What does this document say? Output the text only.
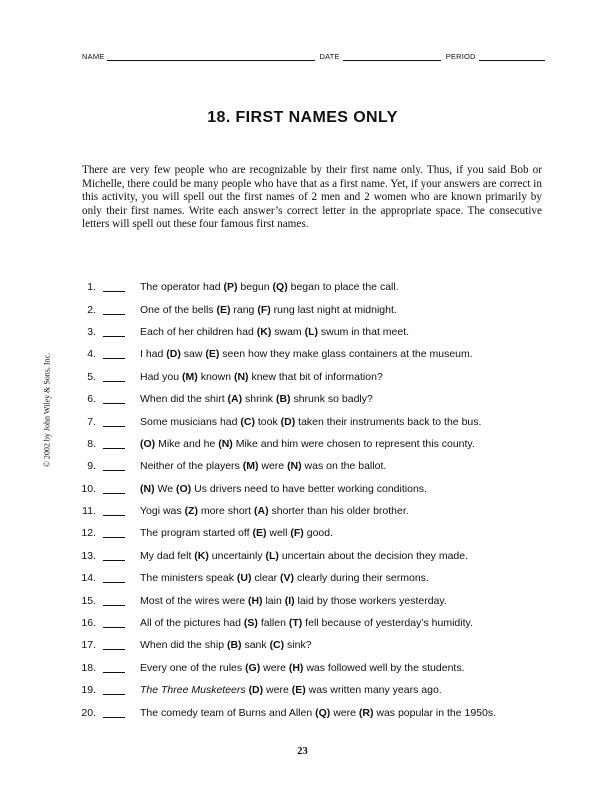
NAME	DATE	PERIOD
18. FIRST NAMES ONLY
There are very few people who are recognizable by their first name only. Thus, if you said Bob or Michelle, there could be many people who have that as a first name. Yet, if your answers are correct in this activity, you will spell out the first names of 2 men and 2 women who are known primarily by only their first names. Write each answer’s correct letter in the appropriate space. The consecutive letters will spell out these four famous first names.
© 2002 by John Wiley & Sons, Inc.
1.	The operator had (P) begun (Q) began to place the call.
2.	One of the bells (E) rang (F) rung last night at midnight.
3.	Each of her children had (K) swam (L) swum in that meet.
4.	I had (D) saw (E) seen how they make glass containers at the museum.
5.	Had you (M) known (N) knew that bit of information?
6.	When did the shirt (A) shrink (B) shrunk so badly?
7.	Some musicians had (C) took (D) taken their instruments back to the bus.
8.	(O) Mike and he (N) Mike and him were chosen to represent this county.
9.	Neither of the players (M) were (N) was on the ballot.
10.	(N) We (O) Us drivers need to have better working conditions.
11.	Yogi was (Z) more short (A) shorter than his older brother.
12.	The program started off (E) well (F) good.
13.	My dad felt (K) uncertainly (L) uncertain about the decision they made.
14.	The ministers speak (U) clear (V) clearly during their sermons.
15.	Most of the wires were (H) lain (I) laid by those workers yesterday.
16.	All of the pictures had (S) fallen (T) fell because of yesterday’s humidity.
17.	When did the ship (B) sank (C) sink?
18.	Every one of the rules (G) were (H) was followed well by the students.
19.	The Three Musketeers (D) were (E) was written many years ago.
20.	The comedy team of Burns and Allen (Q) were (R) was popular in the 1950s.
23
